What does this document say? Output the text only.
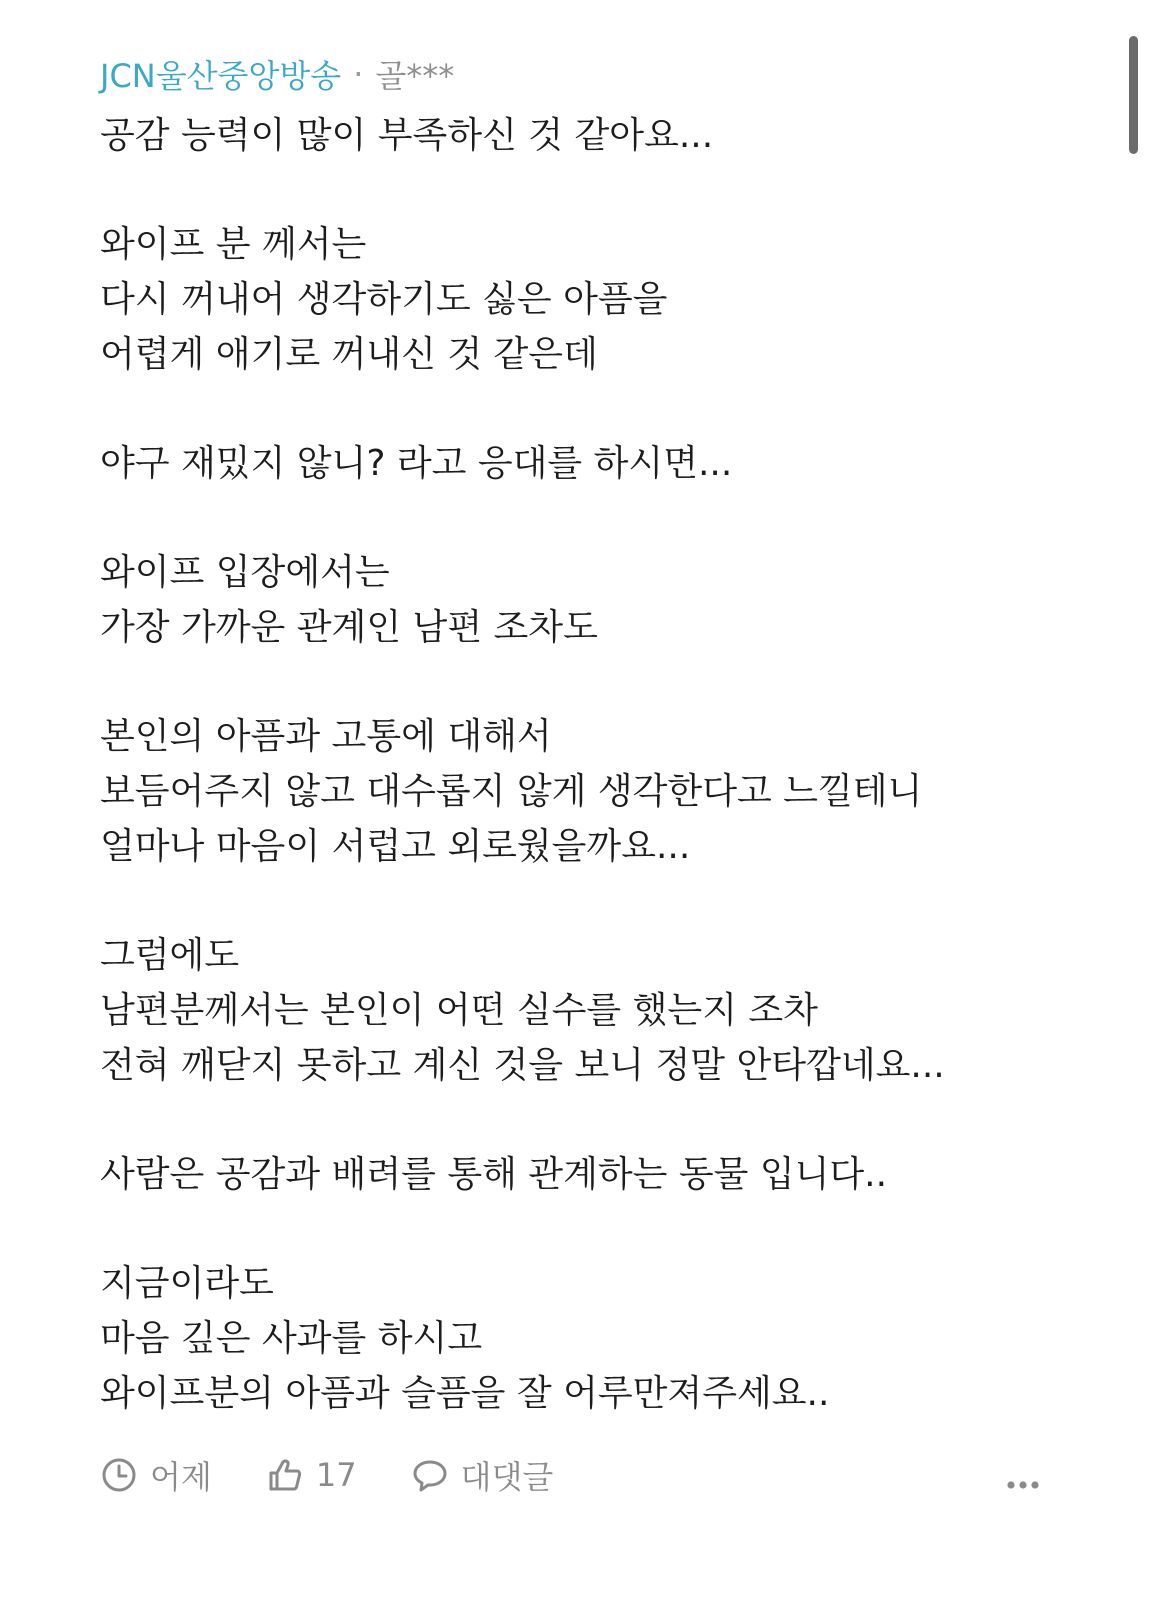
JCN울산중앙방송 · 골***
공감 능력이 많이 부족하신 것 같아요...
와이프 분 께서는
다시 꺼내어 생각하기도 싫은 아픔을
어렵게 애기로 꺼내신 것 같은데
야구 재밌지 않니? 라고 응대를 하시면...
와이프 입장에서는
가장 가까운 관계인 남편 조차도
본인의 아픔과 고통에 대해서
보듬어주지 않고 대수롭지 않게 생각한다고 느낄테니
얼마나 마음이 서럽고 외로웠을까요...
그럼에도
남편분께서는 본인이 어떤 실수를 했는지 조차
전혀 깨닫지 못하고 계신 것을 보니 정말 안타깝네요...
사람은 공감과 배려를 통해 관계하는 동물 입니다..
지금이라도
마음 깊은 사과를 하시고
와이프분의 아픔과 슬픔을 잘 어루만져주세요..
어제	17	대댓글
